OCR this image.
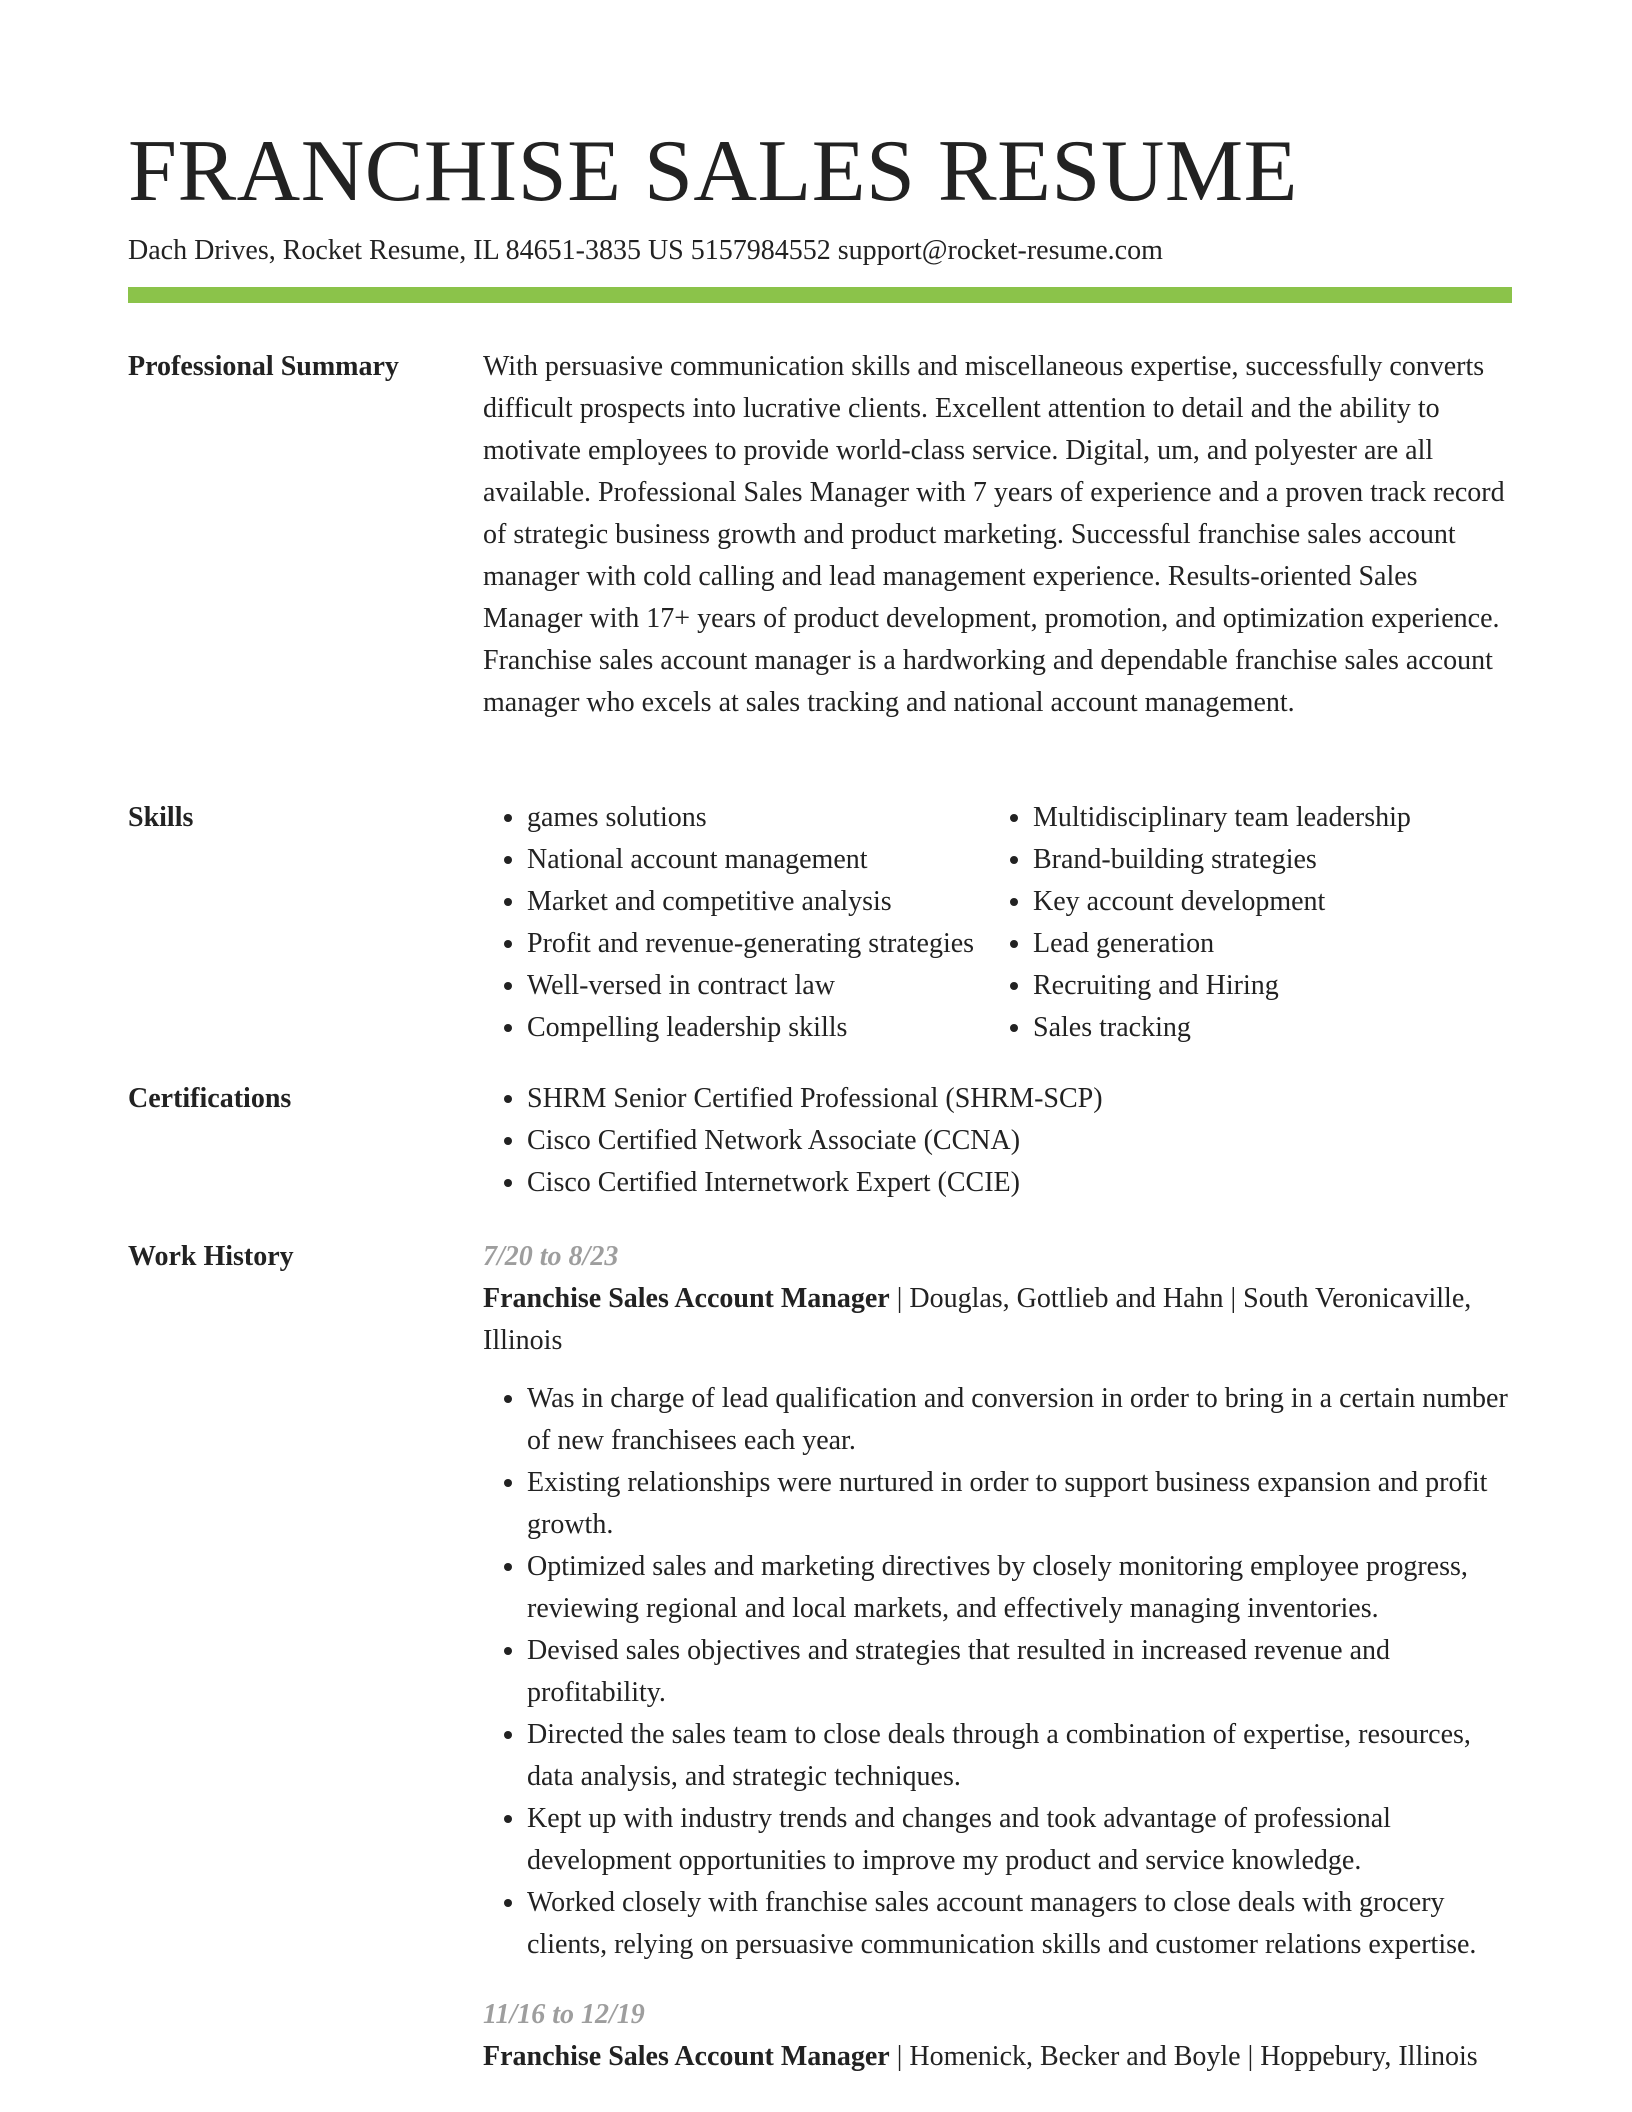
FRANCHISE SALES RESUME
Dach Drives, Rocket Resume, IL 84651-3835 US 5157984552 support@rocket-resume.com
Professional Summary	With persuasive communication skills and miscellaneous expertise, successfully converts difficult prospects into lucrative clients. Excellent attention to detail and the ability to motivate employees to provide world-class service. Digital, um, and polyester are all available. Professional Sales Manager with 7 years of experience and a proven track record of strategic business growth and product marketing. Successful franchise sales account manager with cold calling and lead management experience. Results-oriented Sales Manager with 17+ years of product development, promotion, and optimization experience. Franchise sales account manager is a hardworking and dependable franchise sales account manager who excels at sales tracking and national account management.

Skills	• games solutions
• National account management
• Market and competitive analysis
• Profit and revenue-generating strategies
• Well-versed in contract law
• Compelling leadership skills
• Multidisciplinary team leadership
• Brand-building strategies
• Key account development
• Lead generation
• Recruiting and Hiring
• Sales tracking
Certifications	• SHRM Senior Certified Professional (SHRM-SCP)
• Cisco Certified Network Associate (CCNA)
• Cisco Certified Internetwork Expert (CCIE)
Work History	7/20 to 8/23
Franchise Sales Account Manager | Douglas, Gottlieb and Hahn | South Veronicaville, Illinois
• Was in charge of lead qualification and conversion in order to bring in a certain number of new franchisees each year.
• Existing relationships were nurtured in order to support business expansion and profit growth.
• Optimized sales and marketing directives by closely monitoring employee progress, reviewing regional and local markets, and effectively managing inventories.
• Devised sales objectives and strategies that resulted in increased revenue and profitability.
• Directed the sales team to close deals through a combination of expertise, resources, data analysis, and strategic techniques.
• Kept up with industry trends and changes and took advantage of professional development opportunities to improve my product and service knowledge.
• Worked closely with franchise sales account managers to close deals with grocery clients, relying on persuasive communication skills and customer relations expertise.
11/16 to 12/19
Franchise Sales Account Manager | Homenick, Becker and Boyle | Hoppebury, Illinois
